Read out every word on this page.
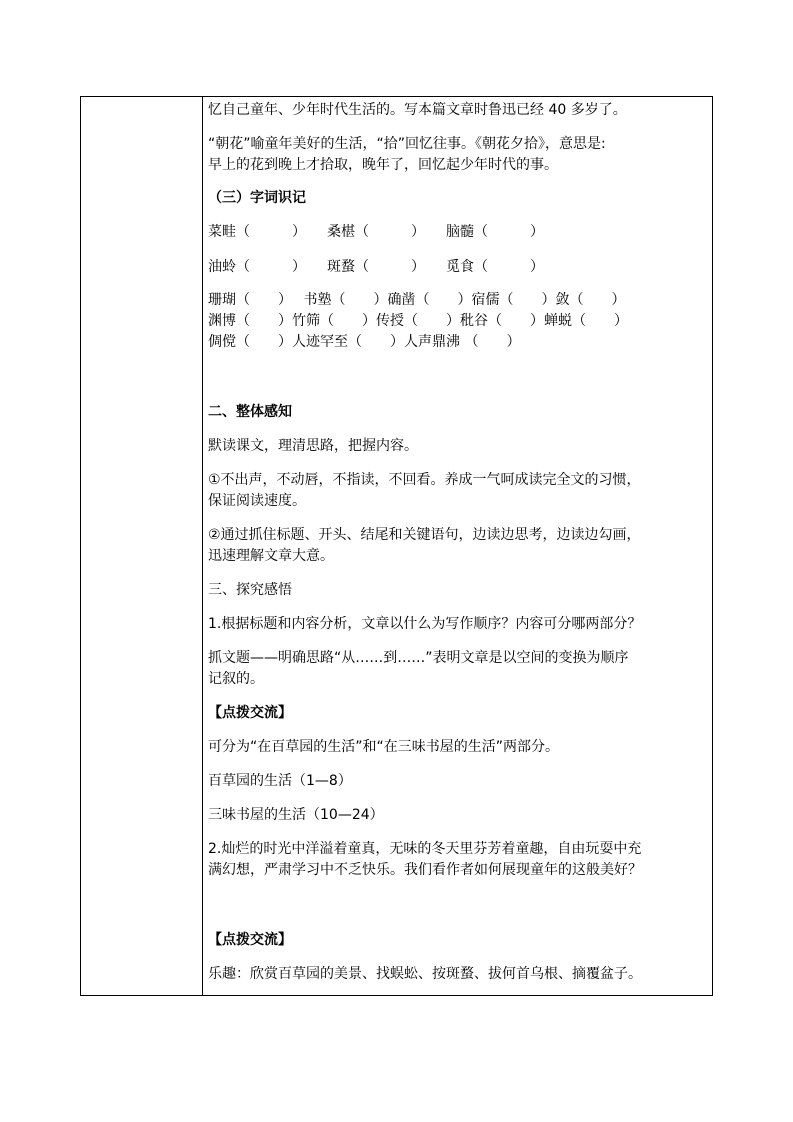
忆自己童年、少年时代生活的。写本篇文章时鲁迅已经 40 多岁了。
“朝花”喻童年美好的生活，“拾”回忆往事。《朝花夕拾》，意思是:
早上的花到晚上才拾取，晚年了，回忆起少年时代的事。
（三）字词识记
菜畦（　　　）　　桑椹（　　　）　　脑髓（　　　）
油蛉（　　　）　　斑蝥（　　　）　　觅食（　　　）
珊瑚（　　）　 书塾（　　）确凿（　　）宿儒（　　）敛（　　）
渊博（　　）竹筛（　　）传授（　　）秕谷（　　）蝉蜕（　　）
倜傥（　　）人迹罕至（　　）人声鼎沸 （　　）
二、整体感知
默读课文，理清思路，把握内容。
①不出声，不动唇，不指读，不回看。养成一气呵成读完全文的习惯，
保证阅读速度。
②通过抓住标题、开头、结尾和关键语句，边读边思考，边读边勾画，
迅速理解文章大意。
三、探究感悟
1.根据标题和内容分析，文章以什么为写作顺序？内容可分哪两部分？
抓文题——明确思路“从……到……”表明文章是以空间的变换为顺序
记叙的。
【点拨交流】
可分为“在百草园的生活”和“在三味书屋的生活”两部分。
百草园的生活（1—8）
三味书屋的生活（10—24）
2.灿烂的时光中洋溢着童真，无味的冬天里芬芳着童趣，自由玩耍中充
满幻想，严肃学习中不乏快乐。我们看作者如何展现童年的这般美好？
【点拨交流】
乐趣：欣赏百草园的美景、找蜈蚣、按斑蝥、拔何首乌根、摘覆盆子。
